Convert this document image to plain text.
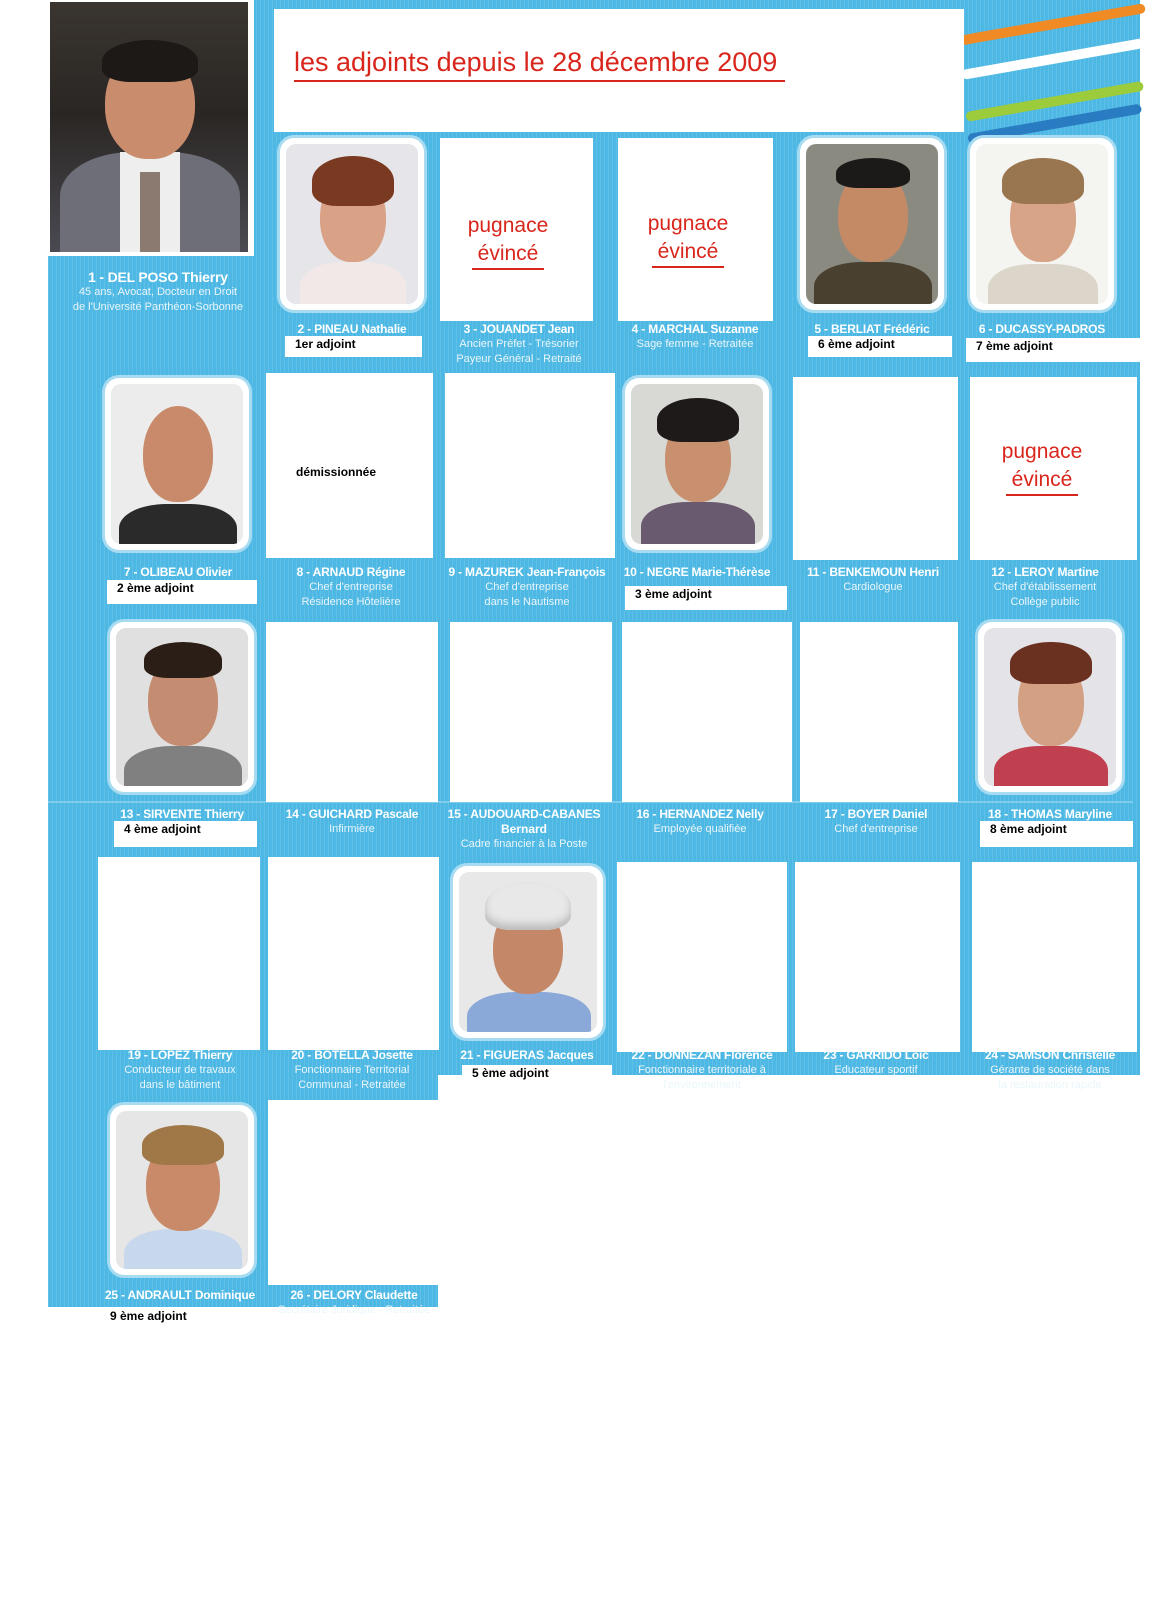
les adjoints depuis le 28 décembre 2009
1 - DEL POSO Thierry
45 ans, Avocat, Docteur en Droit
de l'Université Panthéon-Sorbonne
2 - PINEAU Nathalie	3 - JOUANDET Jean
Ancien Préfet - Trésorier
Payeur Général - Retraité
4 - MARCHAL Suzanne
Sage femme - Retraitée
5 - BERLIAT Frédéric	6 - DUCASSY-PADROS
7 - OLIBEAU Olivier	8 - ARNAUD Régine
Chef d'entreprise
Résidence Hôtelière
9 - MAZUREK Jean-François
Chef d'entreprise
dans le Nautisme
10 - NEGRE Marie-Thérèse	11 - BENKEMOUN Henri
Cardiologue
12 - LEROY Martine
Chef d'établissement
Collège public
13 - SIRVENTE Thierry	14 - GUICHARD Pascale
Infirmière
15 - AUDOUARD-CABANES
Bernard
Cadre financier à la Poste
16 - HERNANDEZ Nelly
Employée qualifiée
17 - BOYER Daniel
Chef d'entreprise
18 - THOMAS Maryline
19 - LOPEZ Thierry
Conducteur de travaux
dans le bâtiment
20 - BOTELLA Josette
Fonctionnaire Territorial
Communal - Retraitée
21 - FIGUERAS Jacques	22 - DONNEZAN Florence
Fonctionnaire territoriale à
l'environnement
23 - GARRIDO Loïc
Educateur sportif
24 - SAMSON Christelle
Gérante de société dans
la restauration rapide
25 - ANDRAULT Dominique	26 - DELORY Claudette
Secrétaire Juridique - Retraitée
1er adjoint	6 ème adjoint	7 ème adjoint
2 ème adjoint	3 ème adjoint
4 ème adjoint	8 ème adjoint
5 ème adjoint
9 ème adjoint
pugnace
évincé
pugnace
évincé
pugnace
évincé
démissionnée
